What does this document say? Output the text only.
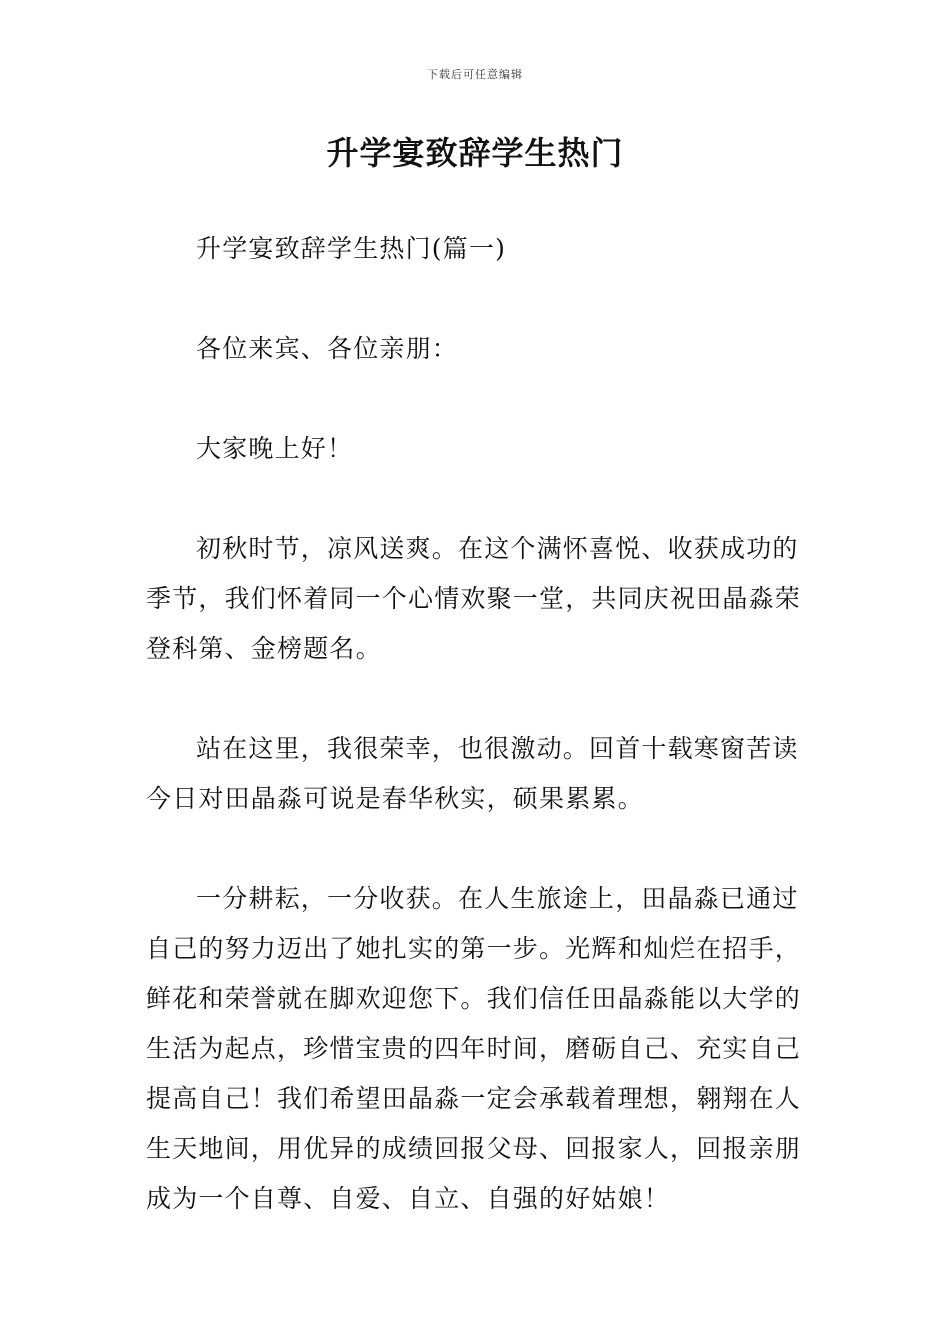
下载后可任意编辑
升学宴致辞学生热门

升学宴致辞学生热门(篇一)

各位来宾、各位亲朋：

大家晚上好！

初秋时节，凉风送爽。在这个满怀喜悦、收获成功的季节，我们怀着同一个心情欢聚一堂，共同庆祝田晶淼荣登科第、金榜题名。

站在这里，我很荣幸，也很激动。回首十载寒窗苦读今日对田晶淼可说是春华秋实，硕果累累。

一分耕耘，一分收获。在人生旅途上，田晶淼已通过自己的努力迈出了她扎实的第一步。光辉和灿烂在招手，鲜花和荣誉就在脚欢迎您下。我们信任田晶淼能以大学的生活为起点，珍惜宝贵的四年时间，磨砺自己、充实自己提高自己！我们希望田晶淼一定会承载着理想，翱翔在人生天地间，用优异的成绩回报父母、回报家人，回报亲朋成为一个自尊、自爱、自立、自强的好姑娘！
